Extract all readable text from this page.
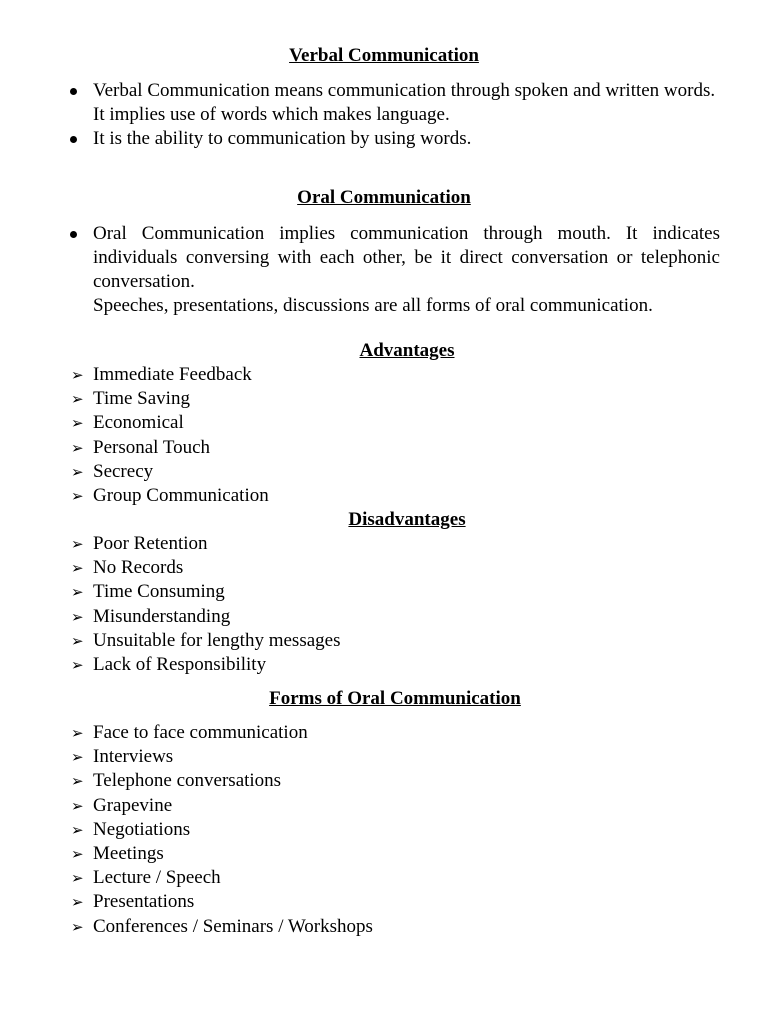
Verbal Communication
Verbal Communication means communication through spoken and written words. It implies use of words which makes language.
It is the ability to communication by using words.
Oral Communication
Oral Communication implies communication through mouth. It indicates individuals conversing with each other, be it direct conversation or telephonic conversation.
Speeches, presentations, discussions are all forms of oral communication.
Advantages
➢ Immediate Feedback
➢ Time Saving
➢ Economical
➢ Personal Touch
➢ Secrecy
➢ Group Communication
Disadvantages
➢ Poor Retention
➢ No Records
➢ Time Consuming
➢ Misunderstanding
➢ Unsuitable for lengthy messages
➢ Lack of Responsibility
Forms of Oral Communication
➢ Face to face communication
➢ Interviews
➢ Telephone conversations
➢ Grapevine
➢ Negotiations
➢ Meetings
➢ Lecture / Speech
➢ Presentations
➢ Conferences / Seminars / Workshops
